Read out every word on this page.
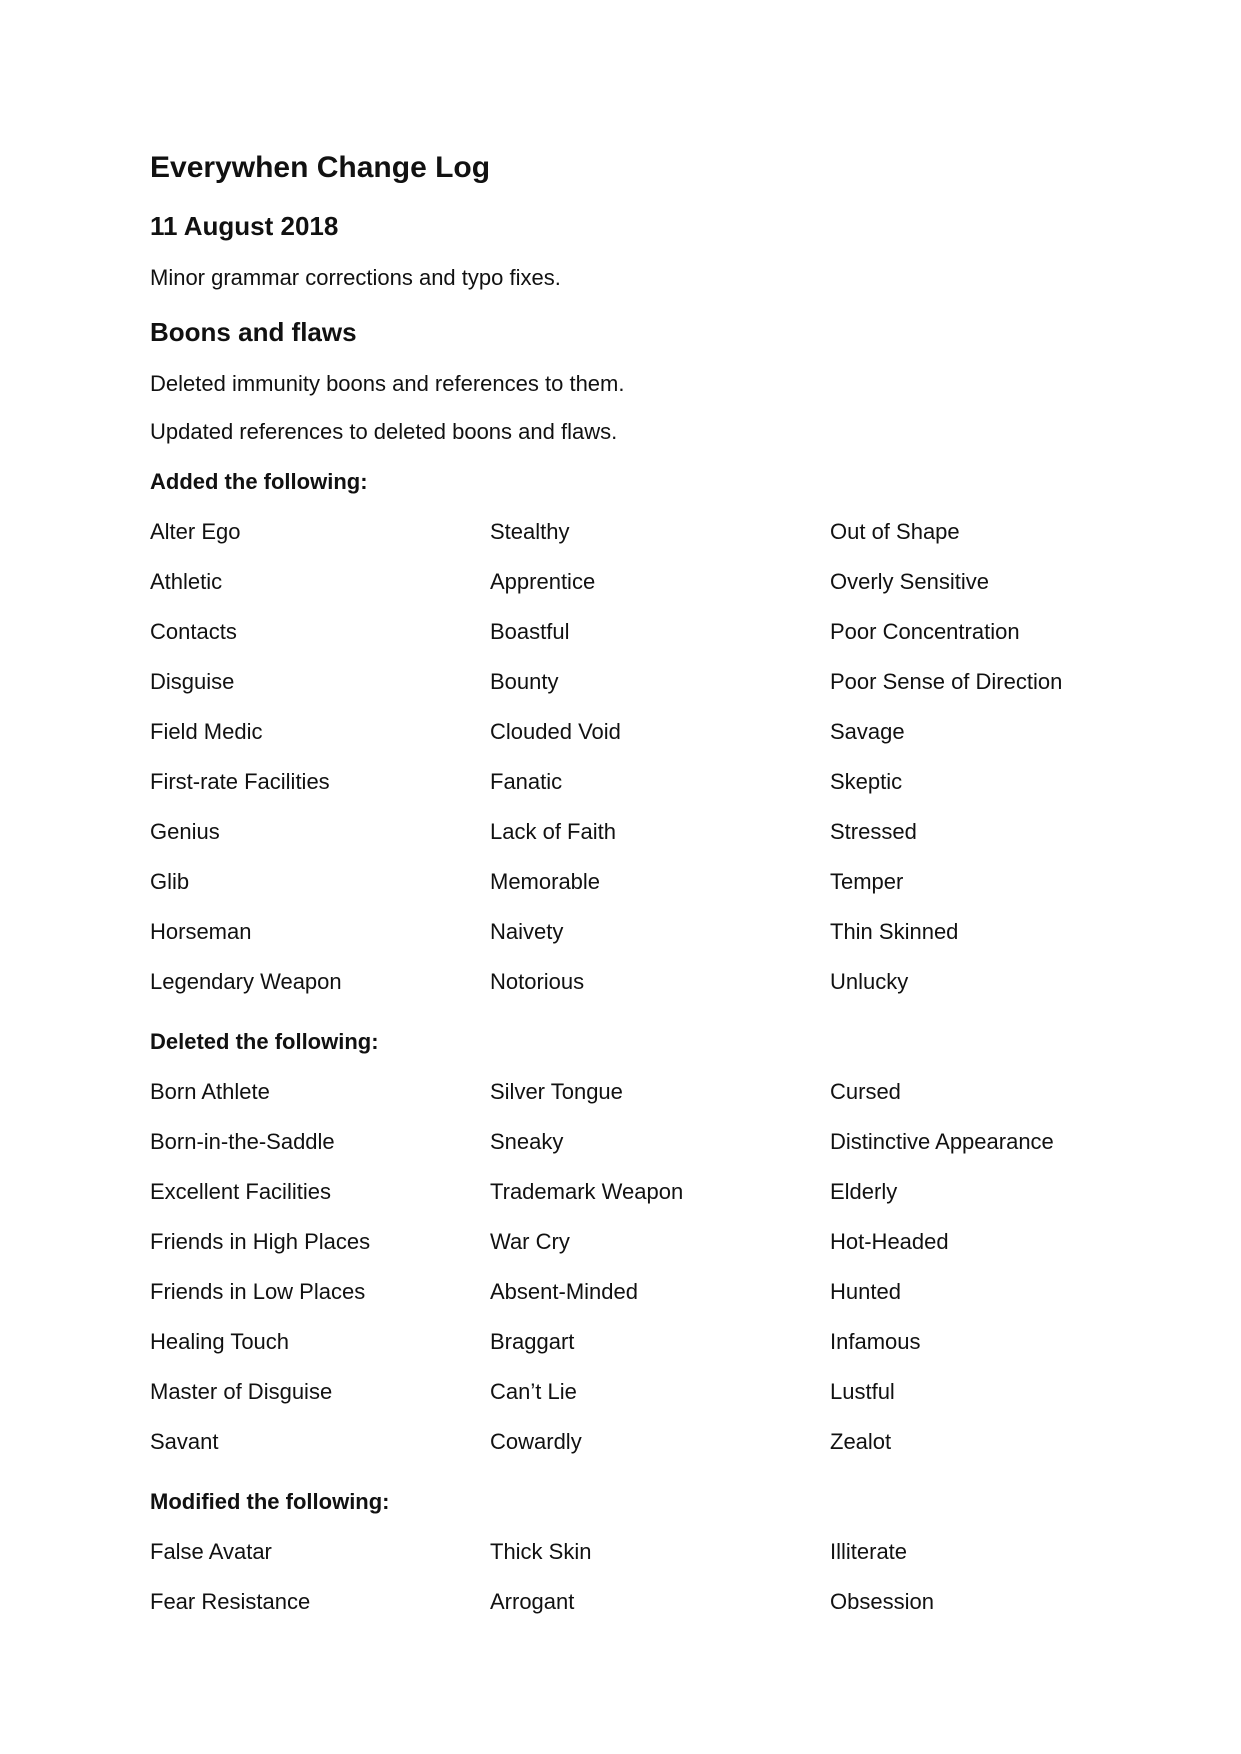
Everywhen Change Log
11 August 2018

Minor grammar corrections and typo fixes.

Boons and flaws

Deleted immunity boons and references to them.

Updated references to deleted boons and flaws.

Added the following:
Alter Ego	Stealthy	Out of Shape
Athletic	Apprentice	Overly Sensitive
Contacts	Boastful	Poor Concentration
Disguise	Bounty	Poor Sense of Direction
Field Medic	Clouded Void	Savage
First-rate Facilities	Fanatic	Skeptic
Genius	Lack of Faith	Stressed
Glib	Memorable	Temper
Horseman	Naivety	Thin Skinned
Legendary Weapon	Notorious	Unlucky
Deleted the following:
Born Athlete	Silver Tongue	Cursed
Born-in-the-Saddle	Sneaky	Distinctive Appearance
Excellent Facilities	Trademark Weapon	Elderly
Friends in High Places	War Cry	Hot-Headed
Friends in Low Places	Absent-Minded	Hunted
Healing Touch	Braggart	Infamous
Master of Disguise	Can’t Lie	Lustful
Savant	Cowardly	Zealot
Modified the following:
False Avatar	Thick Skin	Illiterate
Fear Resistance	Arrogant	Obsession
